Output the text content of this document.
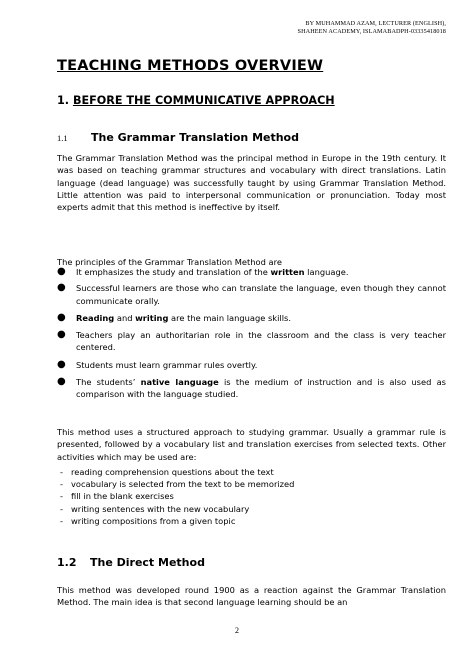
BY MUHAMMAD AZAM, LECTURER (ENGLISH),
SHAHEEN ACADEMY, ISLAMABADPH-03335418018
TEACHING METHODS OVERVIEW
1. BEFORE THE COMMUNICATIVE APPROACH
1.1 The Grammar Translation Method
The Grammar Translation Method was the principal method in Europe in the 19th century. It was based on teaching grammar structures and vocabulary with direct translations. Latin language (dead language) was successfully taught by using Grammar Translation Method. Little attention was paid to interpersonal communication or pronunciation. Today most experts admit that this method is ineffective by itself.
The principles of the Grammar Translation Method are
● It emphasizes the study and translation of the written language.
● Successful learners are those who can translate the language, even though they cannot communicate orally.
● Reading and writing are the main language skills.
● Teachers play an authoritarian role in the classroom and the class is very teacher centered.
● Students must learn grammar rules overtly.
● The students’ native language is the medium of instruction and is also used as comparison with the language studied.
This method uses a structured approach to studying grammar. Usually a grammar rule is presented, followed by a vocabulary list and translation exercises from selected texts. Other activities which may be used are:
- reading comprehension questions about the text
- vocabulary is selected from the text to be memorized
- fill in the blank exercises
- writing sentences with the new vocabulary
- writing compositions from a given topic
1.2 The Direct Method
This method was developed round 1900 as a reaction against the Grammar Translation Method. The main idea is that second language learning should be an
2
